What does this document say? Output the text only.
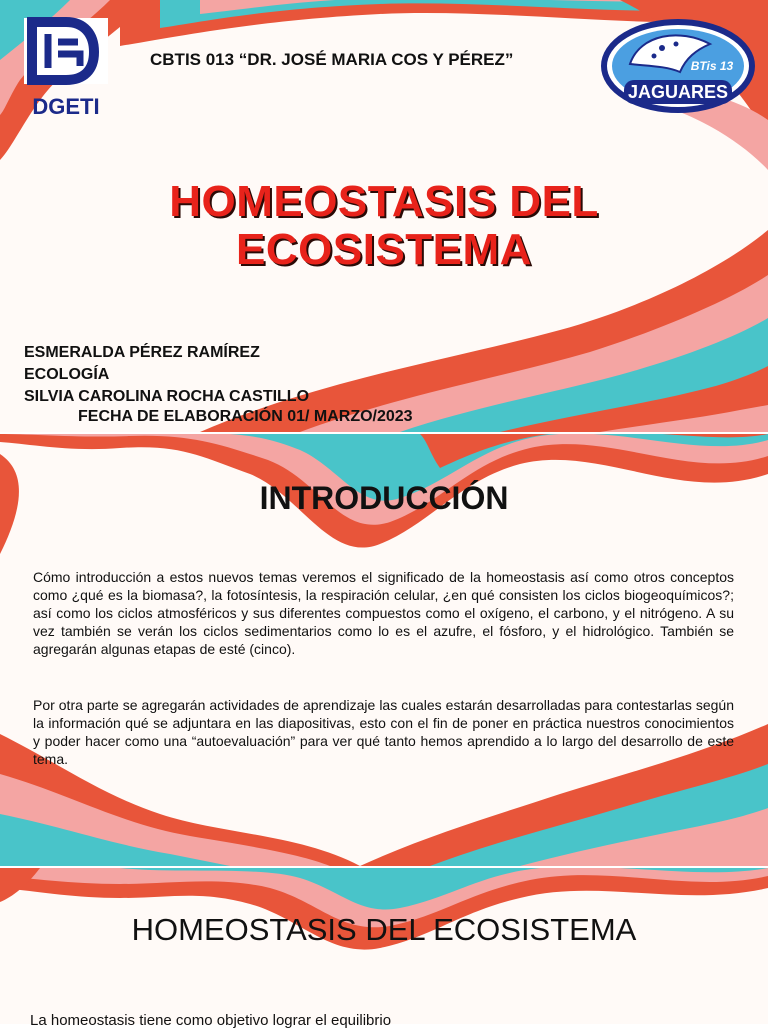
DGETI
CBTIS 013 “DR. JOSÉ MARIA COS Y PÉREZ”	BTis 13
JAGUARES
HOMEOSTASIS DEL
ECOSISTEMA
ESMERALDA PÉREZ RAMÍREZ
ECOLOGÍA
SILVIA CAROLINA ROCHA CASTILLO
FECHA DE ELABORACIÓN 01/ MARZO/2023
INTRODUCCIÓN
Cómo introducción a estos nuevos temas veremos el significado de la homeostasis así como otros conceptos como ¿qué es la biomasa?, la fotosíntesis, la respiración celular, ¿en qué consisten los ciclos biogeoquímicos?; así como los ciclos atmosféricos y sus diferentes compuestos como el oxígeno, el carbono, y el nitrógeno. A su vez también se verán los ciclos sedimentarios como lo es el azufre, el fósforo, y el hidrológico. También se agregarán algunas etapas de esté (cinco).
Por otra parte se agregarán actividades de aprendizaje las cuales estarán desarrolladas para contestarlas según la información qué se adjuntara en las diapositivas, esto con el fin de poner en práctica nuestros conocimientos y poder hacer como una “autoevaluación” para ver qué tanto hemos aprendido a lo largo del desarrollo de este tema.
HOMEOSTASIS DEL ECOSISTEMA
La homeostasis tiene como objetivo lograr el equilibrio
